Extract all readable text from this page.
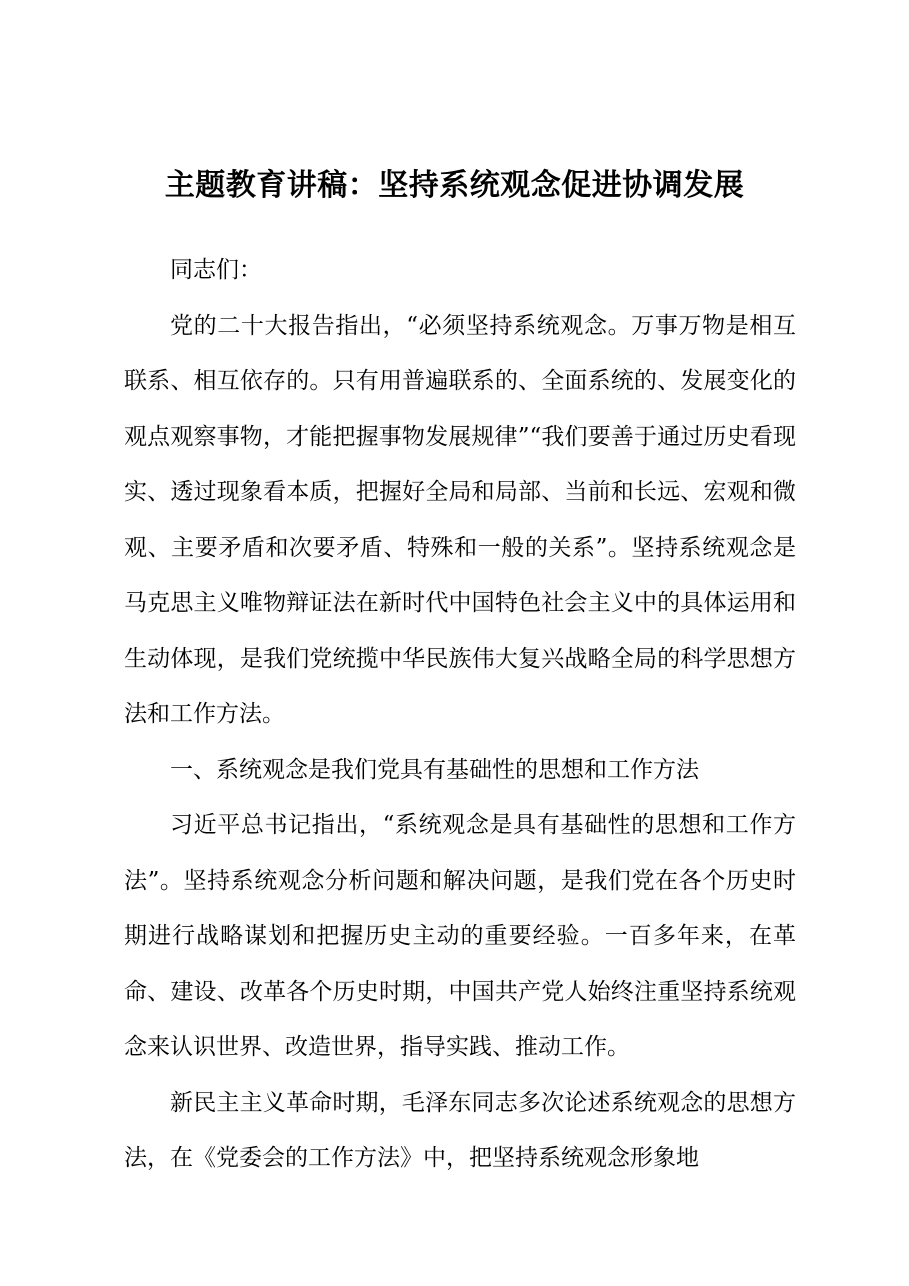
主题教育讲稿：坚持系统观念促进协调发展

同志们：

党的二十大报告指出，“必须坚持系统观念。万事万物是相互联系、相互依存的。只有用普遍联系的、全面系统的、发展变化的观点观察事物，才能把握事物发展规律”“我们要善于通过历史看现实、透过现象看本质，把握好全局和局部、当前和长远、宏观和微观、主要矛盾和次要矛盾、特殊和一般的关系”。坚持系统观念是马克思主义唯物辩证法在新时代中国特色社会主义中的具体运用和生动体现，是我们党统揽中华民族伟大复兴战略全局的科学思想方法和工作方法。

一、系统观念是我们党具有基础性的思想和工作方法

习近平总书记指出，“系统观念是具有基础性的思想和工作方法”。坚持系统观念分析问题和解决问题，是我们党在各个历史时期进行战略谋划和把握历史主动的重要经验。一百多年来，在革命、建设、改革各个历史时期，中国共产党人始终注重坚持系统观念来认识世界、改造世界，指导实践、推动工作。

新民主主义革命时期，毛泽东同志多次论述系统观念的思想方法，在《党委会的工作方法》中，把坚持系统观念形象地
